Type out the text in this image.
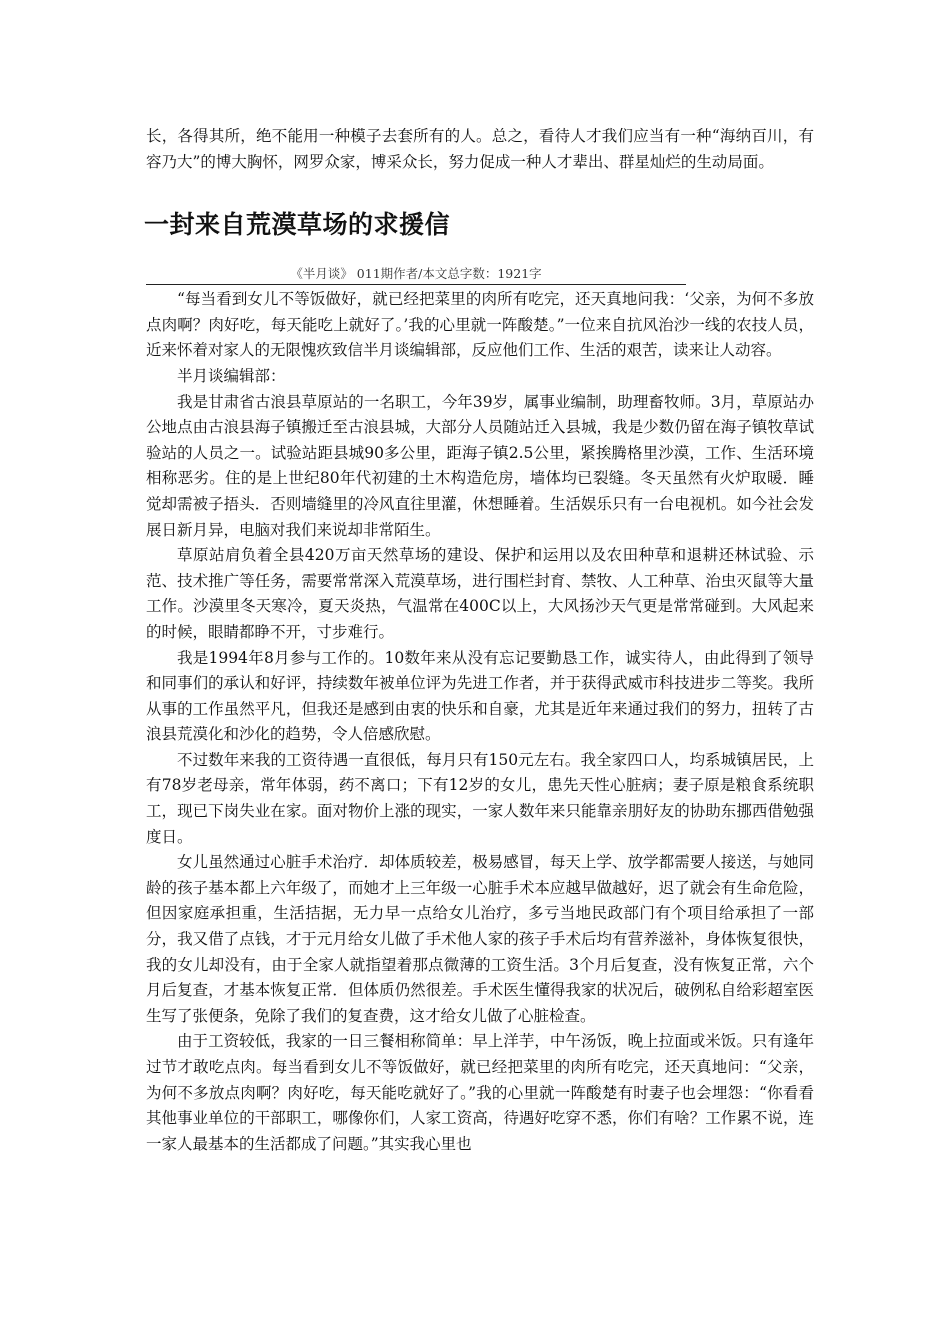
长，各得其所，绝不能用一种模子去套所有的人。总之，看待人才我们应当有一种“海纳百川，有容乃大”的博大胸怀，网罗众家，博采众长，努力促成一种人才辈出、群星灿烂的生动局面。

一封来自荒漠草场的求援信
《半月谈》 011期作者/本文总字数：1921字

“每当看到女儿不等饭做好，就已经把菜里的肉所有吃完，还天真地问我：‘父亲，为何不多放点肉啊？肉好吃，每天能吃上就好了。’我的心里就一阵酸楚。”一位来自抗风治沙一线的农技人员，近来怀着对家人的无限愧疚致信半月谈编辑部，反应他们工作、生活的艰苦，读来让人动容。

半月谈编辑部：

我是甘肃省古浪县草原站的一名职工，今年39岁，属事业编制，助理畜牧师。3月，草原站办公地点由古浪县海子镇搬迁至古浪县城，大部分人员随站迁入县城，我是少数仍留在海子镇牧草试验站的人员之一。试验站距县城90多公里，距海子镇2.5公里，紧挨腾格里沙漠，工作、生活环境相称恶劣。住的是上世纪80年代初建的土木构造危房，墙体均已裂缝。冬天虽然有火炉取暖．睡觉却需被子捂头．否则墙缝里的冷风直往里灌，休想睡着。生活娱乐只有一台电视机。如今社会发展日新月异，电脑对我们来说却非常陌生。

草原站肩负着全县420万亩天然草场的建设、保护和运用以及农田种草和退耕还林试验、示范、技术推广等任务，需要常常深入荒漠草场，进行围栏封育、禁牧、人工种草、治虫灭鼠等大量工作。沙漠里冬天寒冷，夏天炎热，气温常在400C以上，大风扬沙天气更是常常碰到。大风起来的时候，眼睛都睁不开，寸步难行。

我是1994年8月参与工作的。10数年来从没有忘记要勤恳工作，诚实待人，由此得到了领导和同事们的承认和好评，持续数年被单位评为先进工作者，并于获得武威市科技进步二等奖。我所从事的工作虽然平凡，但我还是感到由衷的快乐和自豪，尤其是近年来通过我们的努力，扭转了古浪县荒漠化和沙化的趋势，令人倍感欣慰。

不过数年来我的工资待遇一直很低，每月只有150元左右。我全家四口人，均系城镇居民，上有78岁老母亲，常年体弱，药不离口；下有12岁的女儿，患先天性心脏病；妻子原是粮食系统职工，现已下岗失业在家。面对物价上涨的现实，一家人数年来只能靠亲朋好友的协助东挪西借勉强度日。

女儿虽然通过心脏手术治疗．却体质较差，极易感冒，每天上学、放学都需要人接送，与她同龄的孩子基本都上六年级了，而她才上三年级一心脏手术本应越早做越好，迟了就会有生命危险，但因家庭承担重，生活拮据，无力早一点给女儿治疗，多亏当地民政部门有个项目给承担了一部分，我又借了点钱，才于元月给女儿做了手术他人家的孩子手术后均有营养滋补，身体恢复很快，我的女儿却没有，由于全家人就指望着那点微薄的工资生活。3个月后复查，没有恢复正常，六个月后复查，才基本恢复正常．但体质仍然很差。手术医生懂得我家的状况后，破例私自给彩超室医生写了张便条，免除了我们的复查费，这才给女儿做了心脏检查。

由于工资较低，我家的一日三餐相称简单：早上洋芋，中午汤饭，晚上拉面或米饭。只有逢年过节才敢吃点肉。每当看到女儿不等饭做好，就已经把菜里的肉所有吃完，还天真地问：“父亲，为何不多放点肉啊？肉好吃，每天能吃就好了。”我的心里就一阵酸楚有时妻子也会埋怨：“你看看其他事业单位的干部职工，哪像你们，人家工资高，待遇好吃穿不悉，你们有啥？工作累不说，连一家人最基本的生活都成了问题。”其实我心里也
